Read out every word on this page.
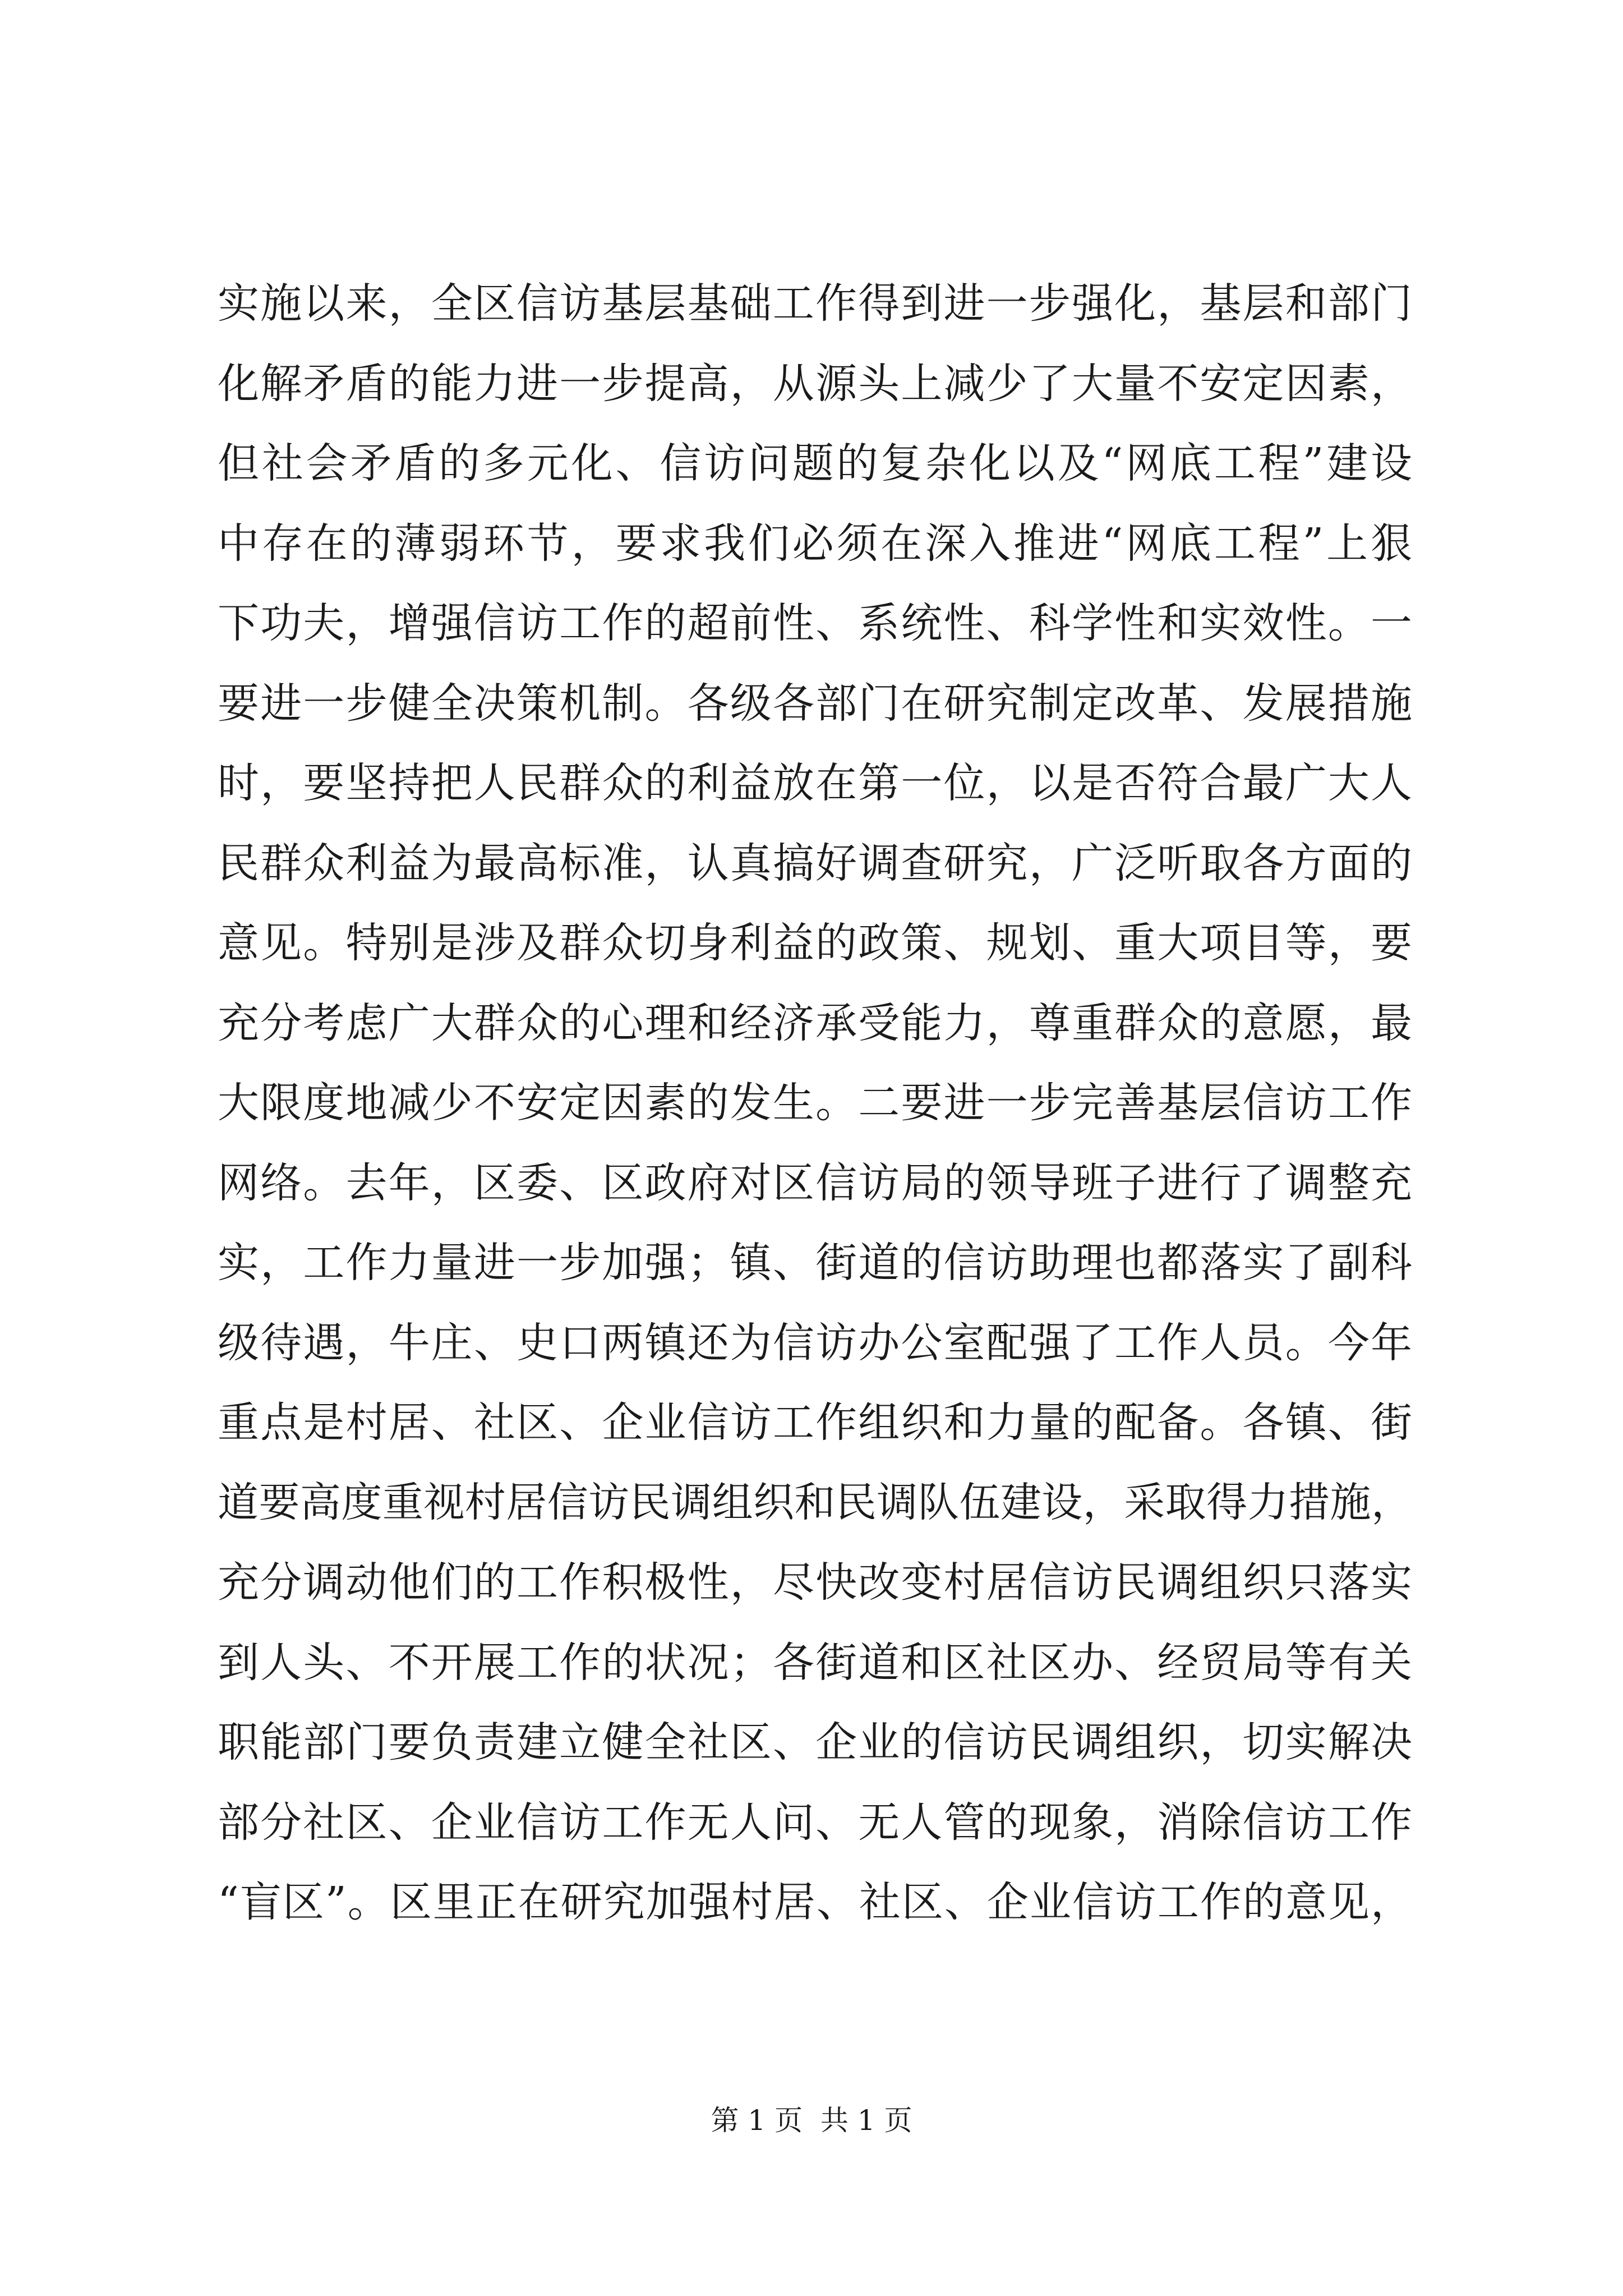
实施以来，全区信访基层基础工作得到进一步强化，基层和部门
化解矛盾的能力进一步提高，从源头上减少了大量不安定因素，
但社会矛盾的多元化、信访问题的复杂化以及“网底工程”建设
中存在的薄弱环节，要求我们必须在深入推进“网底工程”上狠
下功夫，增强信访工作的超前性、系统性、科学性和实效性。一
要进一步健全决策机制。各级各部门在研究制定改革、发展措施
时，要坚持把人民群众的利益放在第一位，以是否符合最广大人
民群众利益为最高标准，认真搞好调查研究，广泛听取各方面的
意见。特别是涉及群众切身利益的政策、规划、重大项目等，要
充分考虑广大群众的心理和经济承受能力，尊重群众的意愿，最
大限度地减少不安定因素的发生。二要进一步完善基层信访工作
网络。去年，区委、区政府对区信访局的领导班子进行了调整充
实，工作力量进一步加强；镇、街道的信访助理也都落实了副科
级待遇，牛庄、史口两镇还为信访办公室配强了工作人员。今年
重点是村居、社区、企业信访工作组织和力量的配备。各镇、街
道要高度重视村居信访民调组织和民调队伍建设，采取得力措施，
充分调动他们的工作积极性，尽快改变村居信访民调组织只落实
到人头、不开展工作的状况；各街道和区社区办、经贸局等有关
职能部门要负责建立健全社区、企业的信访民调组织，切实解决
部分社区、企业信访工作无人问、无人管的现象，消除信访工作
“盲区”。区里正在研究加强村居、社区、企业信访工作的意见，
第 1 页  共 1 页
